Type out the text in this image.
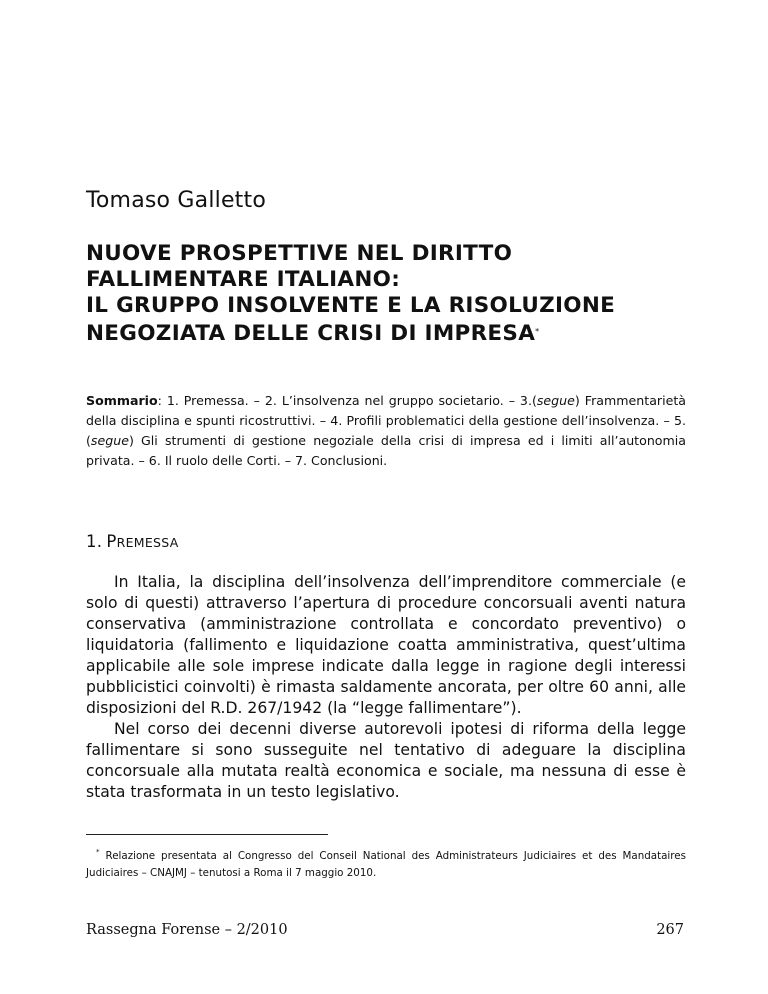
Tomaso Galletto
NUOVE PROSPETTIVE NEL DIRITTO
FALLIMENTARE ITALIANO:
IL GRUPPO INSOLVENTE E LA RISOLUZIONE
NEGOZIATA DELLE CRISI DI IMPRESA*

Sommario: 1. Premessa. – 2. L’insolvenza nel gruppo societario. – 3.(segue) Frammentarietà della disciplina e spunti ricostruttivi. – 4. Profili problematici della gestione dell’insolvenza. – 5.(segue) Gli strumenti di gestione negoziale della crisi di impresa ed i limiti all’autonomia privata. – 6. Il ruolo delle Corti. – 7. Conclusioni.

1. PREMESSA

In Italia, la disciplina dell’insolvenza dell’imprenditore commerciale (e solo di questi) attraverso l’apertura di procedure concorsuali aventi natura conservativa (amministrazione controllata e concordato preventivo) o liquidatoria (fallimento e liquidazione coatta amministrativa, quest’ultima applicabile alle sole imprese indicate dalla legge in ragione degli interessi pubblicistici coinvolti) è rimasta saldamente ancorata, per oltre 60 anni, alle disposizioni del R.D. 267/1942 (la “legge fallimentare”).

Nel corso dei decenni diverse autorevoli ipotesi di riforma della legge fallimentare si sono susseguite nel tentativo di adeguare la disciplina concorsuale alla mutata realtà economica e sociale, ma nessuna di esse è stata trasformata in un testo legislativo.

* Relazione presentata al Congresso del Conseil National des Administrateurs Judiciaires et des Mandataires Judiciaires – CNAJMJ – tenutosi a Roma il 7 maggio 2010.

Rassegna Forense – 2/2010	267
